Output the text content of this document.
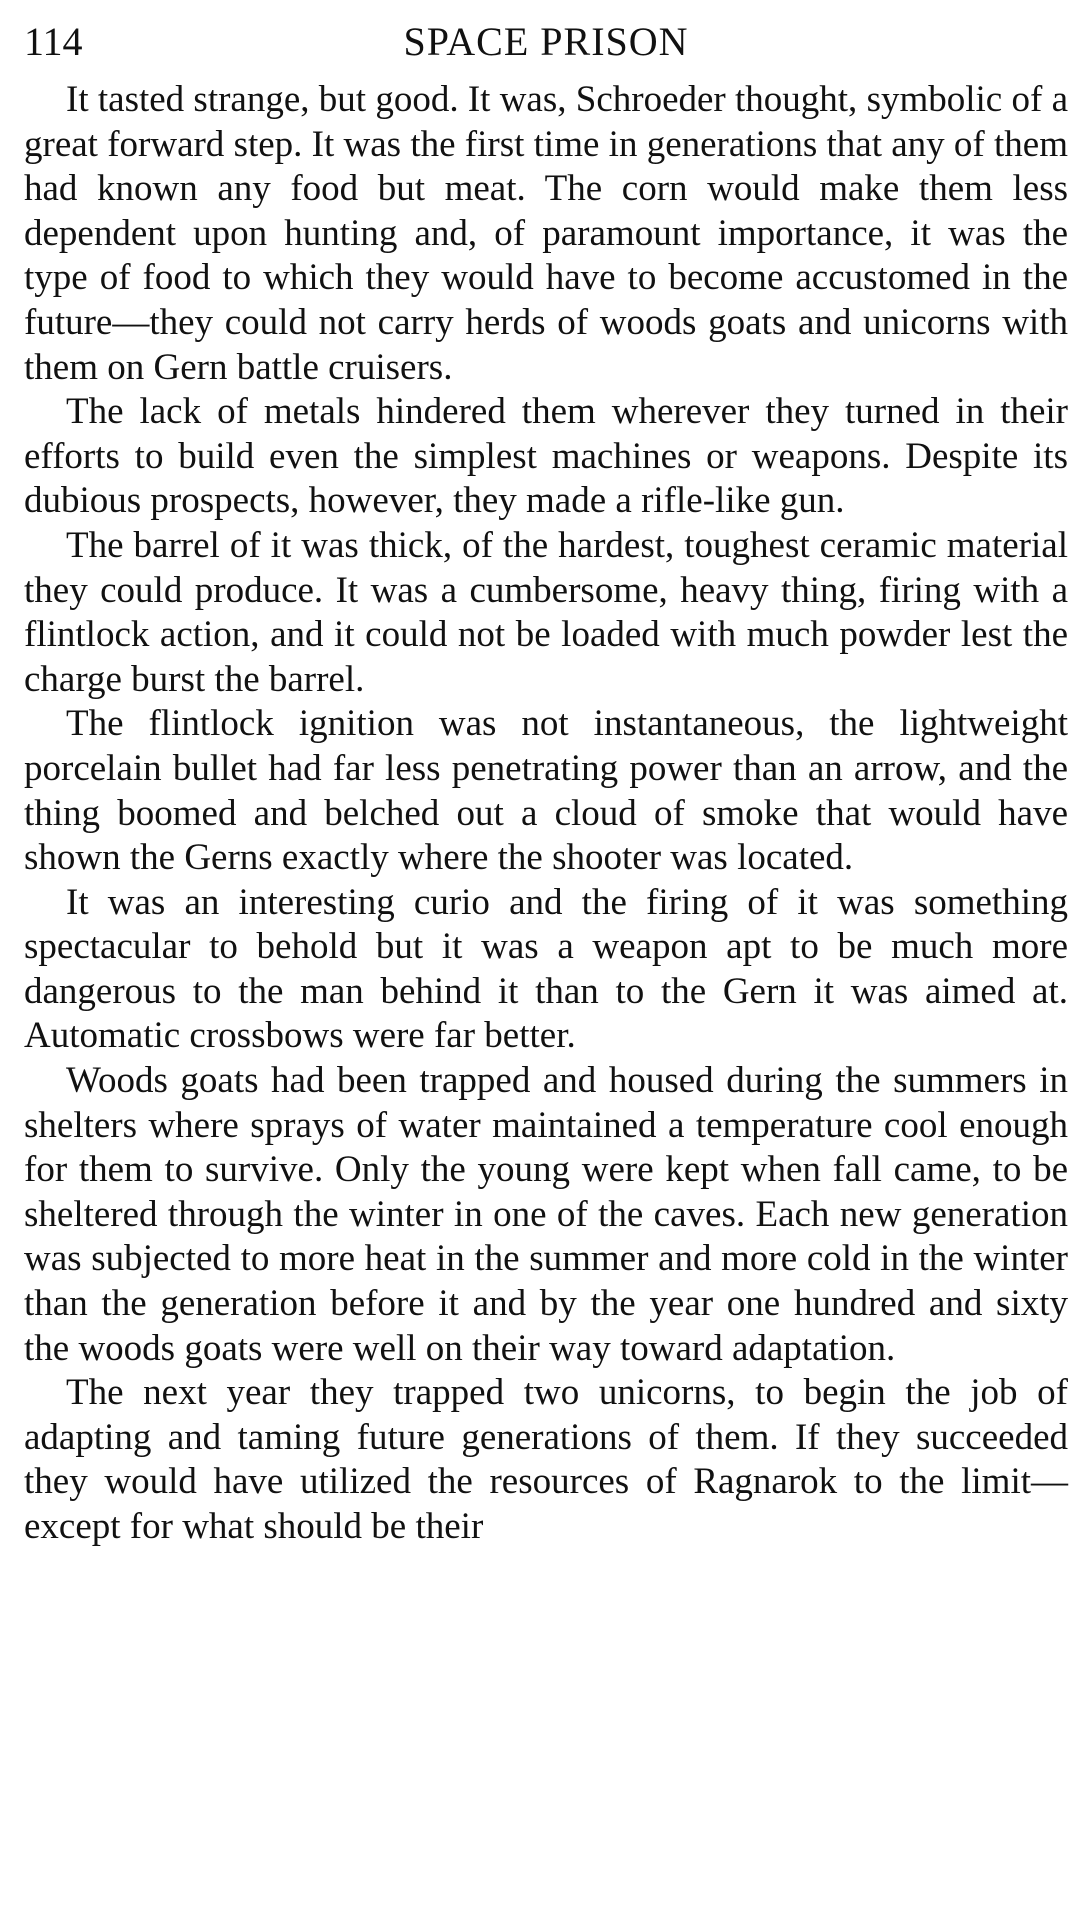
114	SPACE PRISON

It tasted strange, but good. It was, Schroeder thought, symbolic of a great forward step. It was the first time in generations that any of them had known any food but meat. The corn would make them less dependent upon hunting and, of paramount importance, it was the type of food to which they would have to become accustomed in the future—they could not carry herds of woods goats and unicorns with them on Gern battle cruisers.

The lack of metals hindered them wherever they turned in their efforts to build even the simplest machines or weapons. Despite its dubious prospects, however, they made a rifle-like gun.

The barrel of it was thick, of the hardest, toughest ceramic material they could produce. It was a cumbersome, heavy thing, firing with a flintlock action, and it could not be loaded with much powder lest the charge burst the barrel.

The flintlock ignition was not instantaneous, the lightweight porcelain bullet had far less penetrating power than an arrow, and the thing boomed and belched out a cloud of smoke that would have shown the Gerns exactly where the shooter was located.

It was an interesting curio and the firing of it was something spectacular to behold but it was a weapon apt to be much more dangerous to the man behind it than to the Gern it was aimed at. Automatic crossbows were far better.

Woods goats had been trapped and housed during the summers in shelters where sprays of water maintained a temperature cool enough for them to survive. Only the young were kept when fall came, to be sheltered through the winter in one of the caves. Each new generation was subjected to more heat in the summer and more cold in the winter than the generation before it and by the year one hundred and sixty the woods goats were well on their way toward adaptation.

The next year they trapped two unicorns, to begin the job of adapting and taming future generations of them. If they succeeded they would have utilized the resources of Ragnarok to the limit—except for what should be their
